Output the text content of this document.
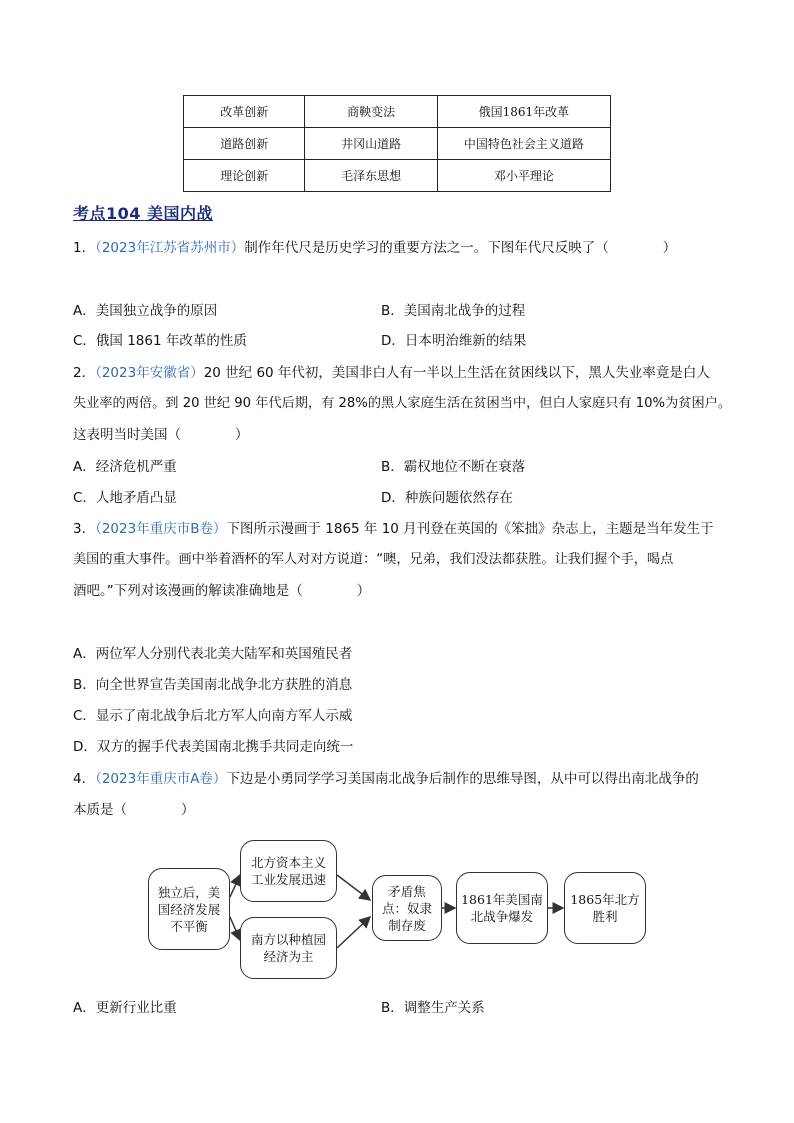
改革创新	商鞅变法	俄国1861年改革
道路创新	井冈山道路	中国特色社会主义道路
理论创新	毛泽东思想	邓小平理论
考点104 美国内战
1．（2023年江苏省苏州市）制作年代尺是历史学习的重要方法之一。下图年代尺反映了（　　　　）
A．美国独立战争的原因	B．美国南北战争的过程
C．俄国 1861 年改革的性质	D．日本明治维新的结果
2．（2023年安徽省）20 世纪 60 年代初，美国非白人有一半以上生活在贫困线以下，黑人失业率竟是白人
失业率的两倍。到 20 世纪 90 年代后期，有 28%的黑人家庭生活在贫困当中，但白人家庭只有 10%为贫困户。
这表明当时美国（　　　　）
A．经济危机严重	B．霸权地位不断在衰落
C．人地矛盾凸显	D．种族问题依然存在
3．（2023年重庆市B卷）下图所示漫画于 1865 年 10 月刊登在英国的《笨拙》杂志上，主题是当年发生于
美国的重大事件。画中举着酒杯的军人对对方说道：“噢，兄弟，我们没法都获胜。让我们握个手，喝点
酒吧。”下列对该漫画的解读准确地是（　　　　）
A．两位军人分别代表北美大陆军和英国殖民者
B．向全世界宣告美国南北战争北方获胜的消息
C．显示了南北战争后北方军人向南方军人示威
D．双方的握手代表美国南北携手共同走向统一
4．（2023年重庆市A卷）下边是小勇同学学习美国南北战争后制作的思维导图，从中可以得出南北战争的
本质是（　　　　）
独立后，美国经济发展不平衡
北方资本主义工业发展迅速
南方以种植园经济为主
矛盾焦点：奴隶制存废
1861年美国南北战争爆发
1865年北方胜利
A．更新行业比重	B．调整生产关系
